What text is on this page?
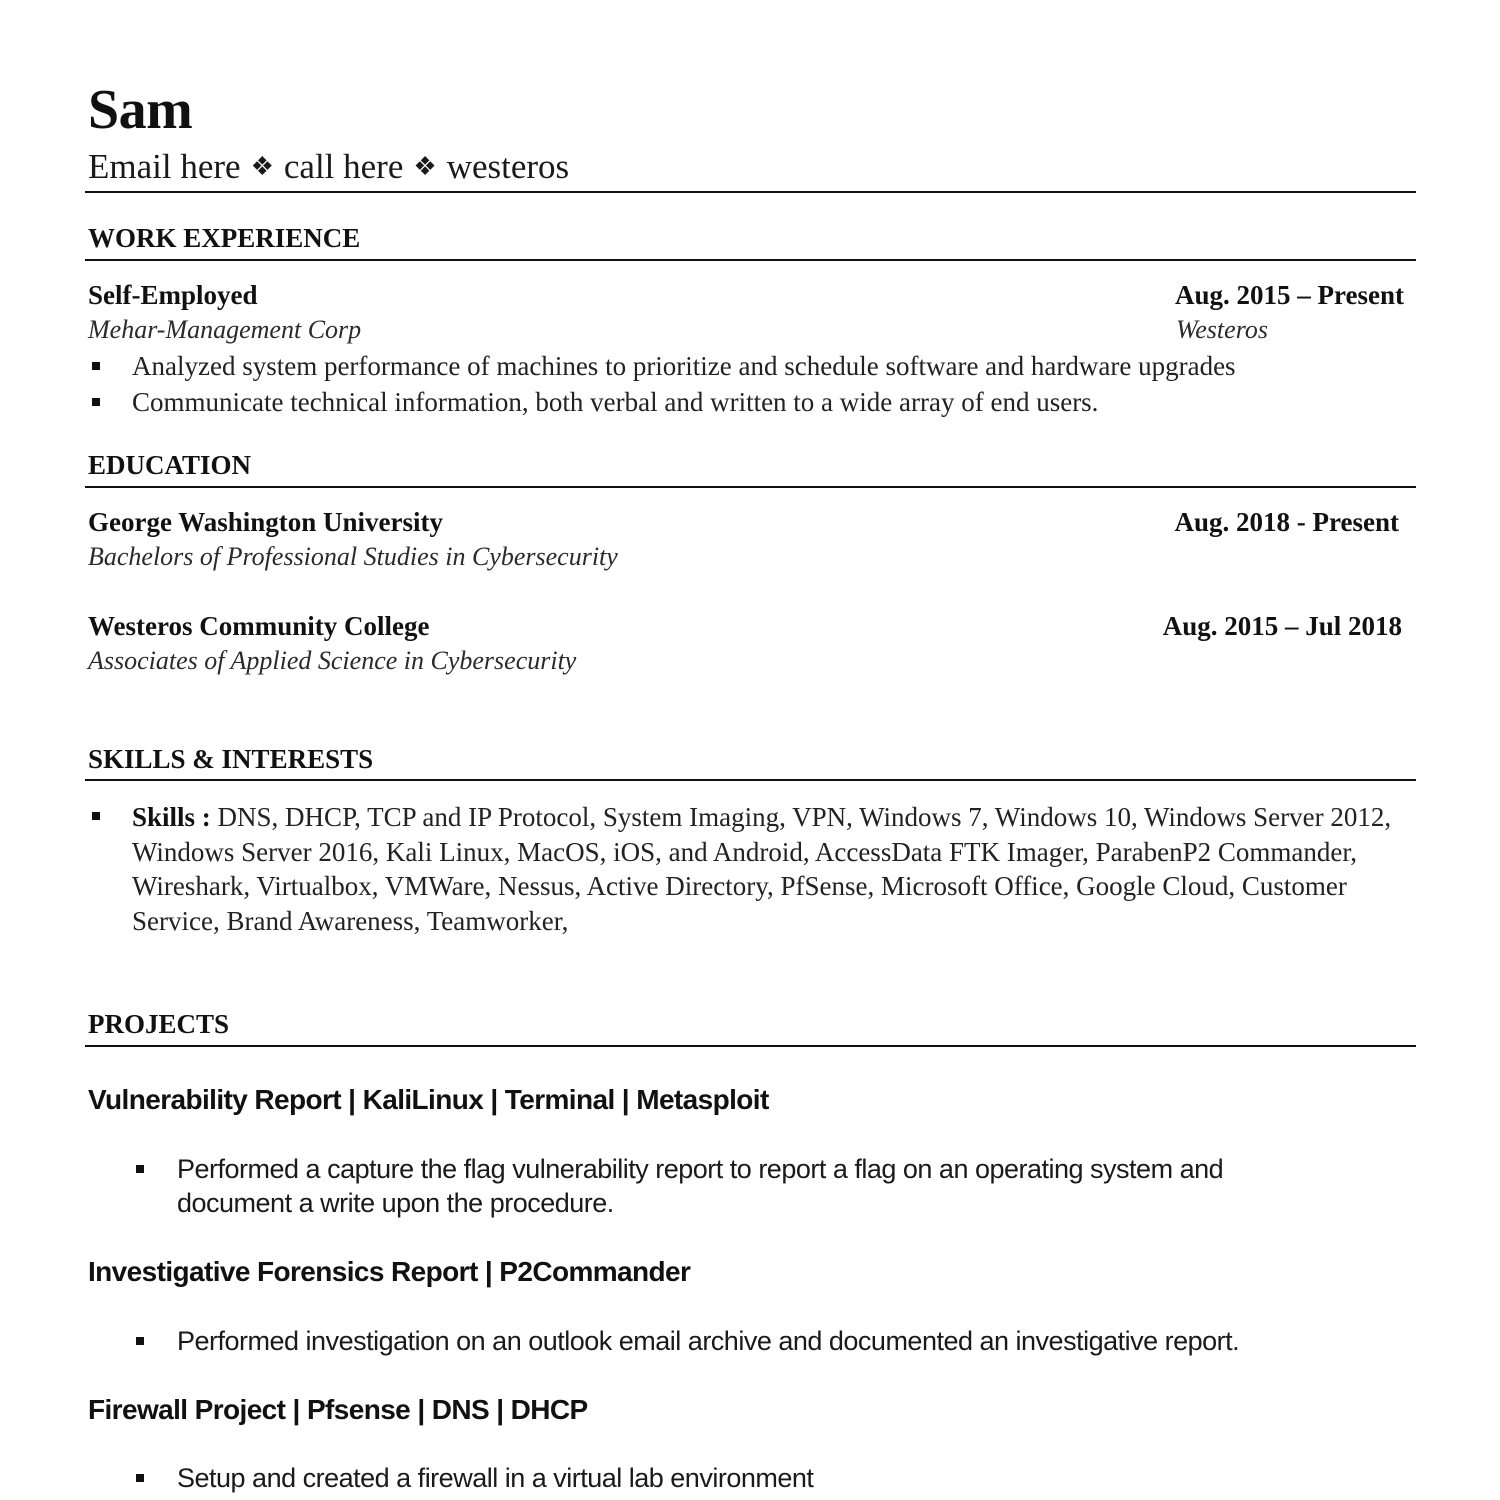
Sam
Email here ❖ call here ❖ westeros
WORK EXPERIENCE
Self-Employed	Aug. 2015 – Present
Mehar-Management Corp	Westeros
Analyzed system performance of machines to prioritize and schedule software and hardware upgrades
Communicate technical information, both verbal and written to a wide array of end users.
EDUCATION
George Washington University	Aug. 2018 - Present
Bachelors of Professional Studies in Cybersecurity
Westeros Community College	Aug. 2015 – Jul 2018
Associates of Applied Science in Cybersecurity
SKILLS & INTERESTS
Skills : DNS, DHCP, TCP and IP Protocol, System Imaging, VPN, Windows 7, Windows 10, Windows Server 2012, Windows Server 2016, Kali Linux, MacOS, iOS, and Android, AccessData FTK Imager, ParabenP2 Commander, Wireshark, Virtualbox, VMWare, Nessus, Active Directory, PfSense, Microsoft Office, Google Cloud, Customer Service, Brand Awareness, Teamworker,
PROJECTS
Vulnerability Report | KaliLinux | Terminal | Metasploit
Performed a capture the flag vulnerability report to report a flag on an operating system and
document a write upon the procedure.
Investigative Forensics Report | P2Commander
Performed investigation on an outlook email archive and documented an investigative report.
Firewall Project | Pfsense | DNS | DHCP
Setup and created a firewall in a virtual lab environment
